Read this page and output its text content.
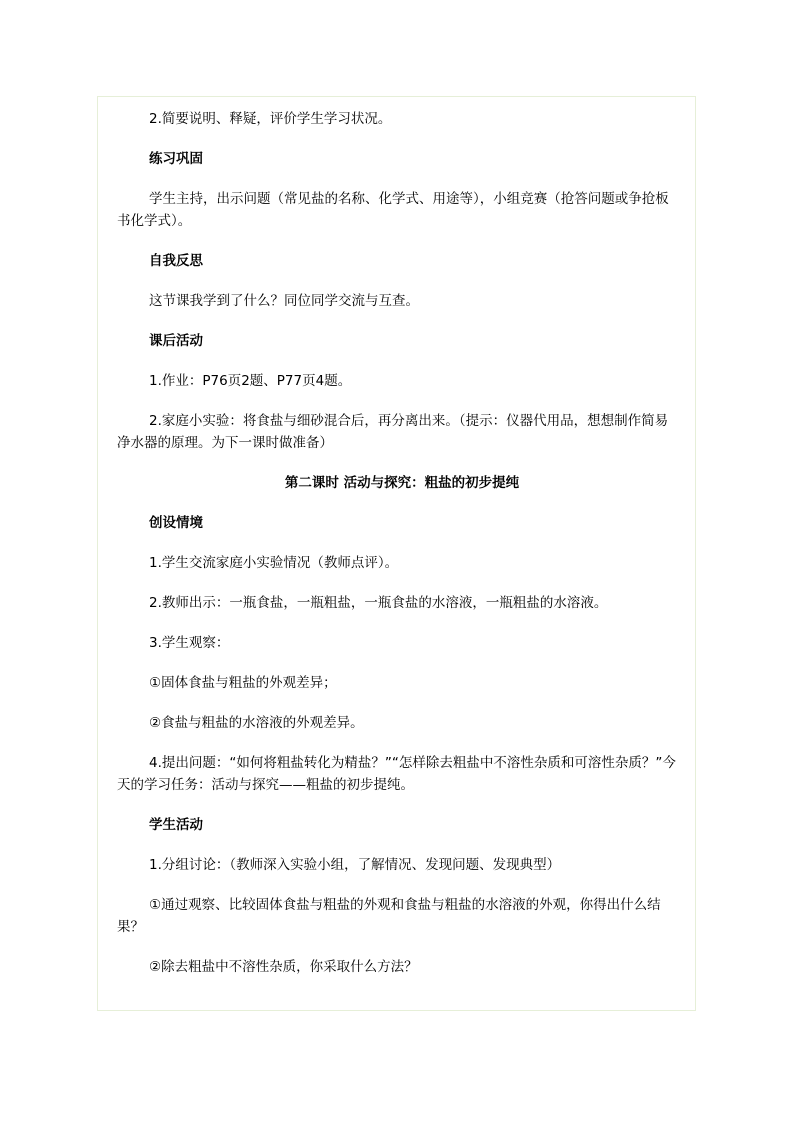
2.简要说明、释疑，评价学生学习状况。

练习巩固

学生主持，出示问题（常见盐的名称、化学式、用途等），小组竞赛（抢答问题或争抢板书化学式）。

自我反思

这节课我学到了什么？同位同学交流与互查。

课后活动

1.作业：P76页2题、P77页4题。

2.家庭小实验：将食盐与细砂混合后，再分离出来。（提示：仪器代用品，想想制作简易净水器的原理。为下一课时做准备）

第二课时 活动与探究：粗盐的初步提纯

创设情境

1.学生交流家庭小实验情况（教师点评）。

2.教师出示：一瓶食盐，一瓶粗盐，一瓶食盐的水溶液，一瓶粗盐的水溶液。

3.学生观察：

①固体食盐与粗盐的外观差异；

②食盐与粗盐的水溶液的外观差异。

4.提出问题：“如何将粗盐转化为精盐？”“怎样除去粗盐中不溶性杂质和可溶性杂质？”今天的学习任务：活动与探究——粗盐的初步提纯。

学生活动

1.分组讨论：（教师深入实验小组，了解情况、发现问题、发现典型）

①通过观察、比较固体食盐与粗盐的外观和食盐与粗盐的水溶液的外观，你得出什么结果？

②除去粗盐中不溶性杂质，你采取什么方法？
